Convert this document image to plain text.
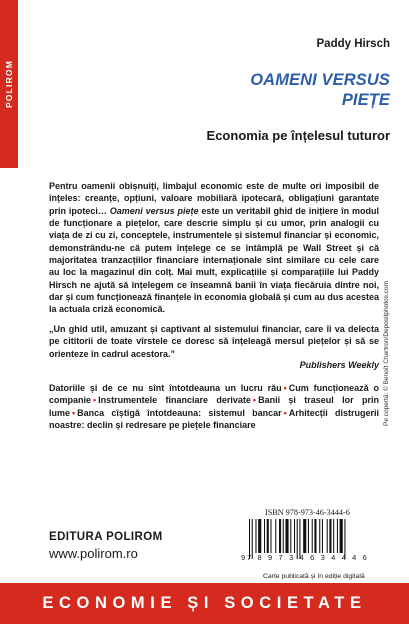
POLIROM
Paddy Hirsch
OAMENI VERSUS
PIEȚE
Economia pe înțelesul tuturor

Pentru oamenii obișnuiți, limbajul economic este de multe ori imposibil de înțeles: creanțe, opțiuni, valoare mobiliară ipotecară, obligațiuni garantate prin ipoteci… Oameni versus piețe este un veritabil ghid de inițiere în modul de funcționare a piețelor, care descrie simplu și cu umor, prin analogii cu viața de zi cu zi, conceptele, instrumentele și sistemul financiar și economic, demonstrându-ne că putem înțelege ce se întâmplă pe Wall Street și că majoritatea tranzacțiilor financiare internaționale sînt similare cu cele care au loc la magazinul din colț. Mai mult, explicațiile și comparațiile lui Paddy Hirsch ne ajută să înțelegem ce înseamnă banii în viața fiecăruia dintre noi, dar și cum funcționează finanțele în economia globală și cum au dus acestea la actuala criză economică.

„Un ghid util, amuzant și captivant al sistemului financiar, care îi va delecta pe cititorii de toate vîrstele ce doresc să înțeleagă mersul piețelor și să se orienteze în cadrul acestora.”

Publishers Weekly

Datoriile și de ce nu sînt întotdeauna un lucru rău • Cum funcționează o companie • Instrumentele financiare derivate • Banii și traseul lor prin lume • Banca cîștigă întotdeauna: sistemul bancar • Arhitecții distrugerii noastre: declin și redresare pe piețele financiare	Pe copertă: © Benoît Chartron/Depositphotos.com
EDITURA POLIROM
www.polirom.ro
ISBN 978-973-46-3444-6
9 7 8 9 7 3 4 6 3 4 4 4 6
Carte publicată și în ediție digitală
ECONOMIE ȘI SOCIETATE
